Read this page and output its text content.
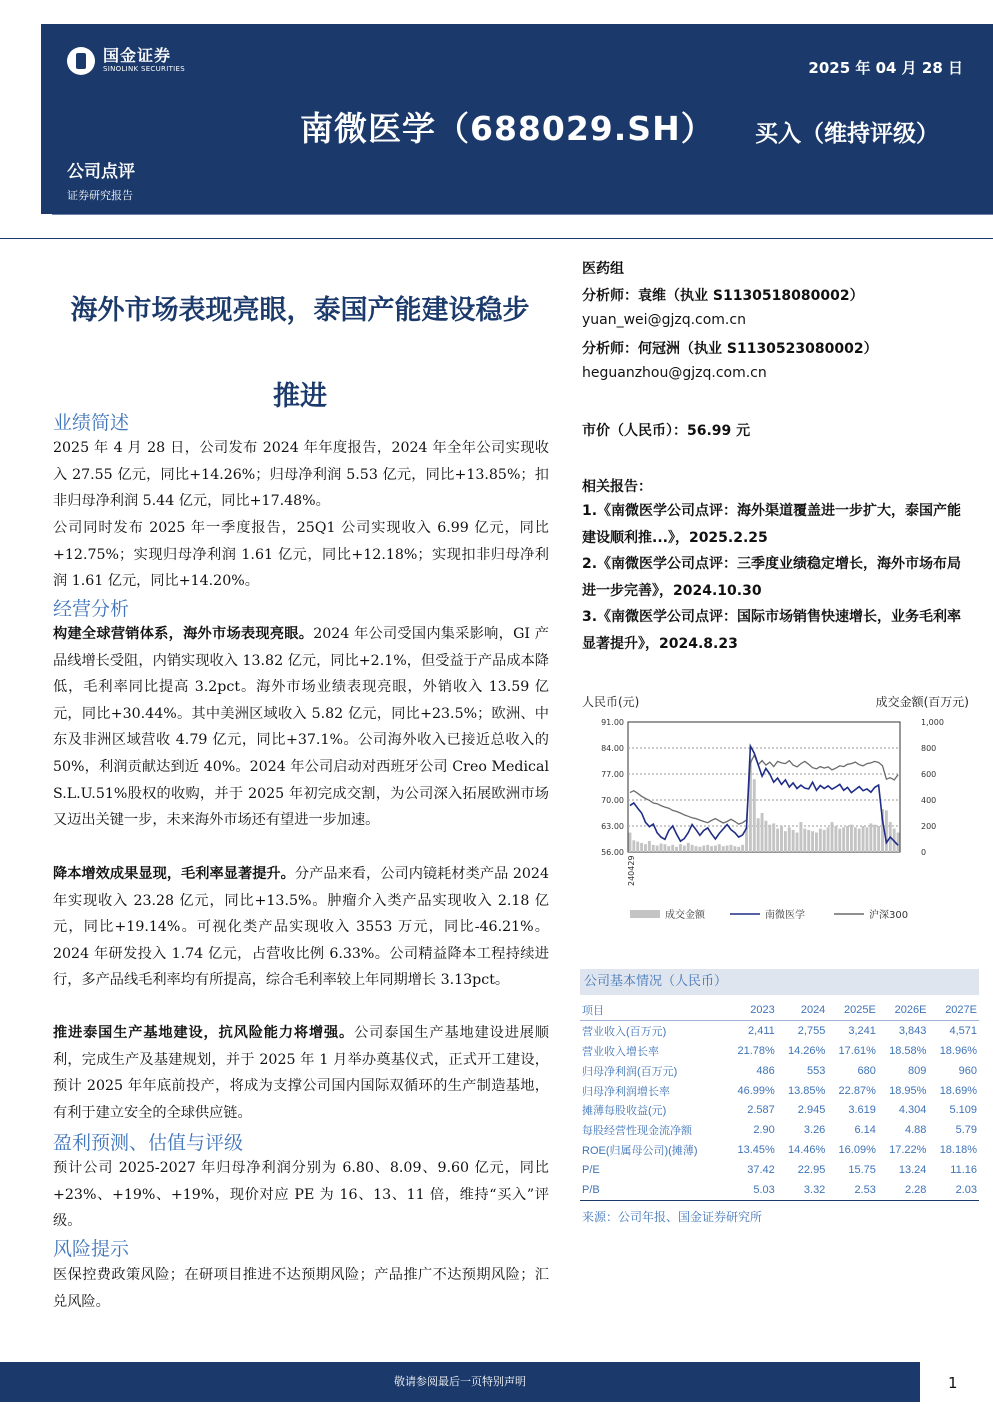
国金证券
SINOLINK SECURITIES	2025 年 04 月 28 日
南微医学（688029.SH） 买入（维持评级）
公司点评
证券研究报告
海外市场表现亮眼，泰国产能建设稳步
推进
业绩简述
2025 年 4 月 28 日，公司发布 2024 年年度报告，2024 年全年公司实现收入 27.55 亿元，同比+14.26%；归母净利润 5.53 亿元，同比+13.85%；扣非归母净利润 5.44 亿元，同比+17.48%。
公司同时发布 2025 年一季度报告，25Q1 公司实现收入 6.99 亿元，同比+12.75%；实现归母净利润 1.61 亿元，同比+12.18%；实现扣非归母净利润 1.61 亿元，同比+14.20%。
经营分析
构建全球营销体系，海外市场表现亮眼。2024 年公司受国内集采影响，GI 产品线增长受阻，内销实现收入 13.82 亿元，同比+2.1%，但受益于产品成本降低，毛利率同比提高 3.2pct。海外市场业绩表现亮眼，外销收入 13.59 亿元，同比+30.44%。其中美洲区域收入 5.82 亿元，同比+23.5%；欧洲、中东及非洲区域营收 4.79 亿元，同比+37.1%。公司海外收入已接近总收入的 50%，利润贡献达到近 40%。2024 年公司启动对西班牙公司 Creo Medical S.L.U.51%股权的收购，并于 2025 年初完成交割，为公司深入拓展欧洲市场又迈出关键一步，未来海外市场还有望进一步加速。
降本增效成果显现，毛利率显著提升。分产品来看，公司内镜耗材类产品 2024 年实现收入 23.28 亿元，同比+13.5%。肿瘤介入类产品实现收入 2.18 亿元，同比+19.14%。可视化类产品实现收入 3553 万元，同比-46.21%。2024 年研发投入 1.74 亿元，占营收比例 6.33%。公司精益降本工程持续进行，多产品线毛利率均有所提高，综合毛利率较上年同期增长 3.13pct。
推进泰国生产基地建设，抗风险能力将增强。公司泰国生产基地建设进展顺利，完成生产及基建规划，并于 2025 年 1 月举办奠基仪式，正式开工建设，预计 2025 年年底前投产，将成为支撑公司国内国际双循环的生产制造基地，有利于建立安全的全球供应链。
盈利预测、估值与评级
预计公司 2025-2027 年归母净利润分别为 6.80、8.09、9.60 亿元，同比+23%、+19%、+19%，现价对应 PE 为 16、13、11 倍，维持“买入”评级。
风险提示
医保控费政策风险；在研项目推进不达预期风险；产品推广不达预期风险；汇兑风险。
医药组
分析师：袁维（执业 S1130518080002）
yuan_wei@gjzq.com.cn
分析师：何冠洲（执业 S1130523080002）
heguanzhou@gjzq.com.cn
市价（人民币）：56.99 元
相关报告：
1.《南微医学公司点评：海外渠道覆盖进一步扩大，泰国产能建设顺利推...》，2025.2.25
2.《南微医学公司点评：三季度业绩稳定增长，海外市场布局进一步完善》，2024.10.30
3.《南微医学公司点评：国际市场销售快速增长，业务毛利率显著提升》，2024.8.23
人民币(元)	成交金额(百万元)
91.00
84.00
77.00
70.00
63.00
56.00
1,000
800
600
400
200
0
240429
成交金额	南微医学	沪深300
公司基本情况（人民币）
项目	2023	2024	2025E	2026E	2027E
营业收入(百万元)	2,411	2,755	3,241	3,843	4,571
营业收入增长率	21.78%	14.26%	17.61%	18.58%	18.96%
归母净利润(百万元)	486	553	680	809	960
归母净利润增长率	46.99%	13.85%	22.87%	18.95%	18.69%
摊薄每股收益(元)	2.587	2.945	3.619	4.304	5.109
每股经营性现金流净额	2.90	3.26	6.14	4.88	5.79
ROE(归属母公司)(摊薄)	13.45%	14.46%	16.09%	17.22%	18.18%
P/E	37.42	22.95	15.75	13.24	11.16
P/B	5.03	3.32	2.53	2.28	2.03
来源：公司年报、国金证券研究所
敬请参阅最后一页特别声明	1
